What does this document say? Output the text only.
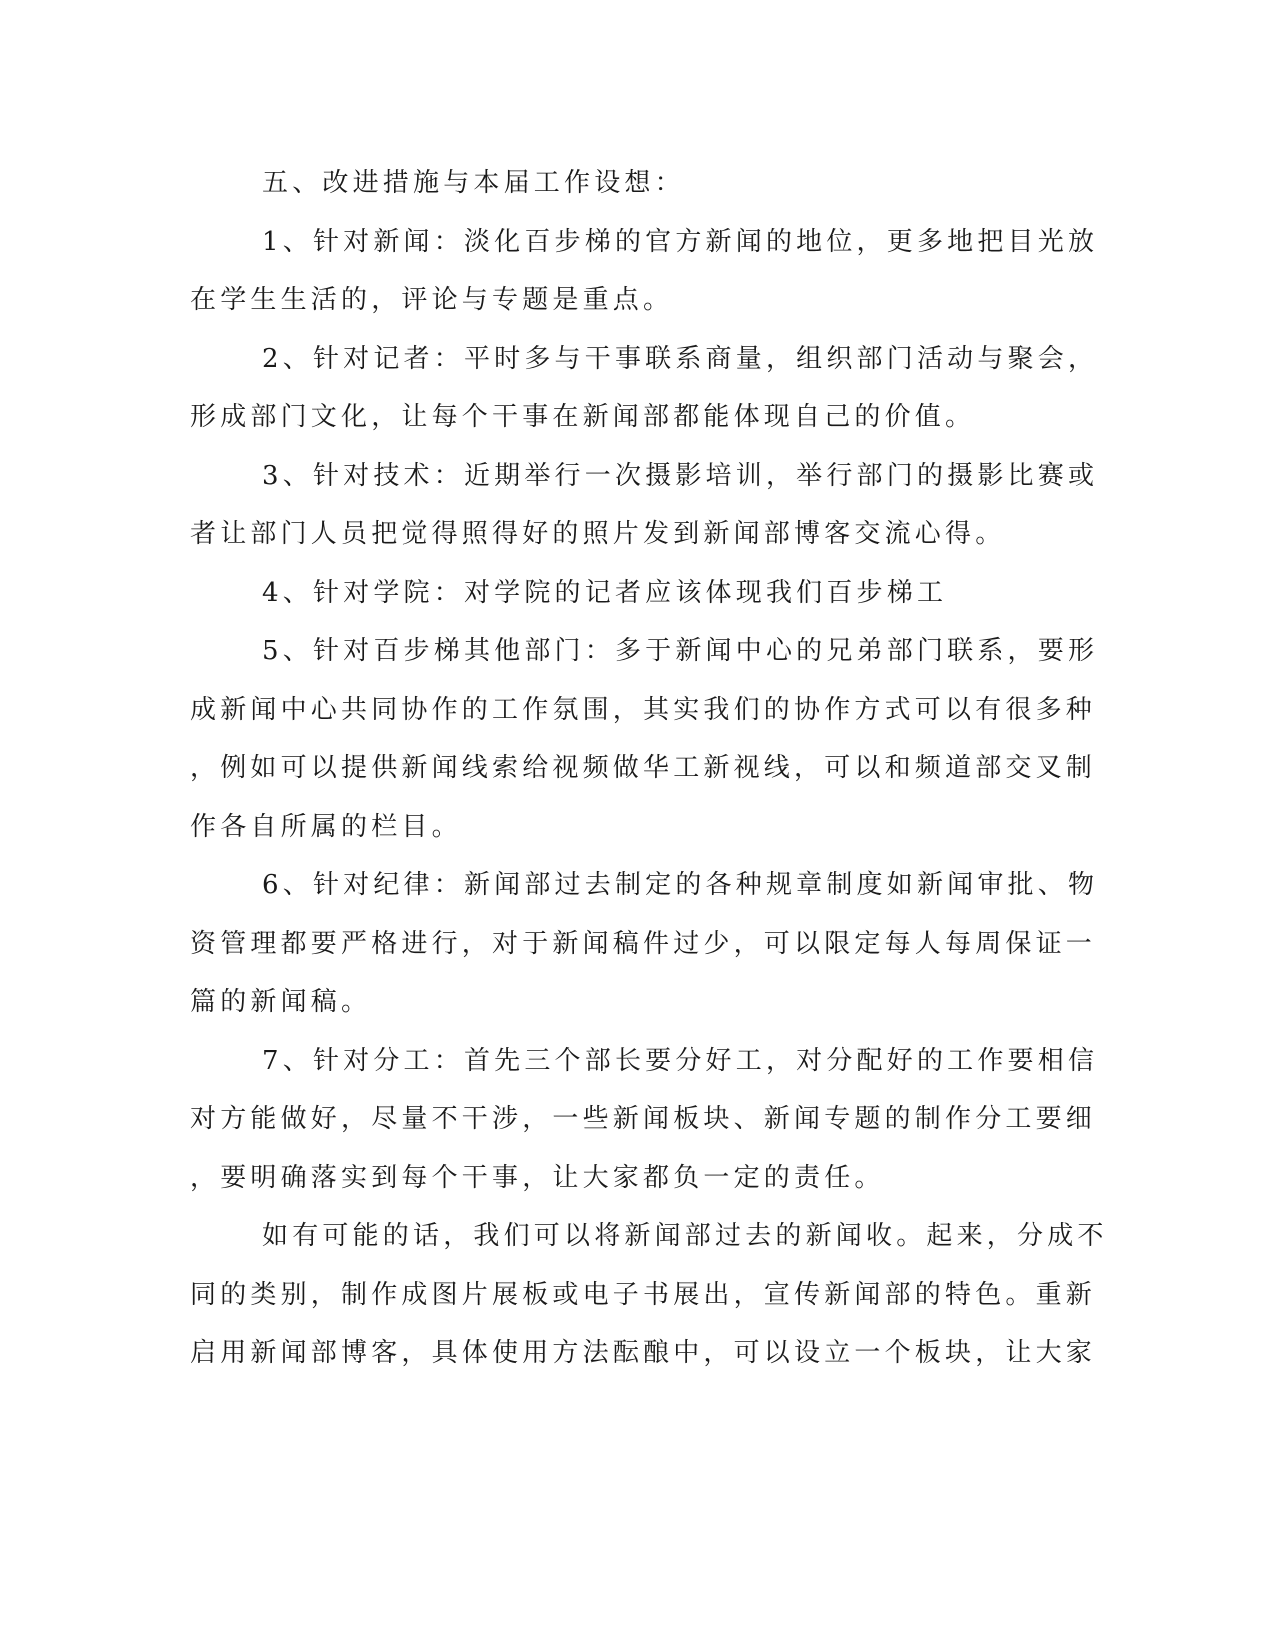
五、改进措施与本届工作设想：

1、针对新闻：淡化百步梯的官方新闻的地位，更多地把目光放

在学生生活的，评论与专题是重点。

2、针对记者：平时多与干事联系商量，组织部门活动与聚会，

形成部门文化，让每个干事在新闻部都能体现自己的价值。

3、针对技术：近期举行一次摄影培训，举行部门的摄影比赛或

者让部门人员把觉得照得好的照片发到新闻部博客交流心得。

4、针对学院：对学院的记者应该体现我们百步梯工

5、针对百步梯其他部门：多于新闻中心的兄弟部门联系，要形

成新闻中心共同协作的工作氛围，其实我们的协作方式可以有很多种

，例如可以提供新闻线索给视频做华工新视线，可以和频道部交叉制

作各自所属的栏目。

6、针对纪律：新闻部过去制定的各种规章制度如新闻审批、物

资管理都要严格进行，对于新闻稿件过少，可以限定每人每周保证一

篇的新闻稿。

7、针对分工：首先三个部长要分好工，对分配好的工作要相信

对方能做好，尽量不干涉，一些新闻板块、新闻专题的制作分工要细

，要明确落实到每个干事，让大家都负一定的责任。

如有可能的话，我们可以将新闻部过去的新闻收。起来，分成不

同的类别，制作成图片展板或电子书展出，宣传新闻部的特色。重新

启用新闻部博客，具体使用方法酝酿中，可以设立一个板块，让大家
